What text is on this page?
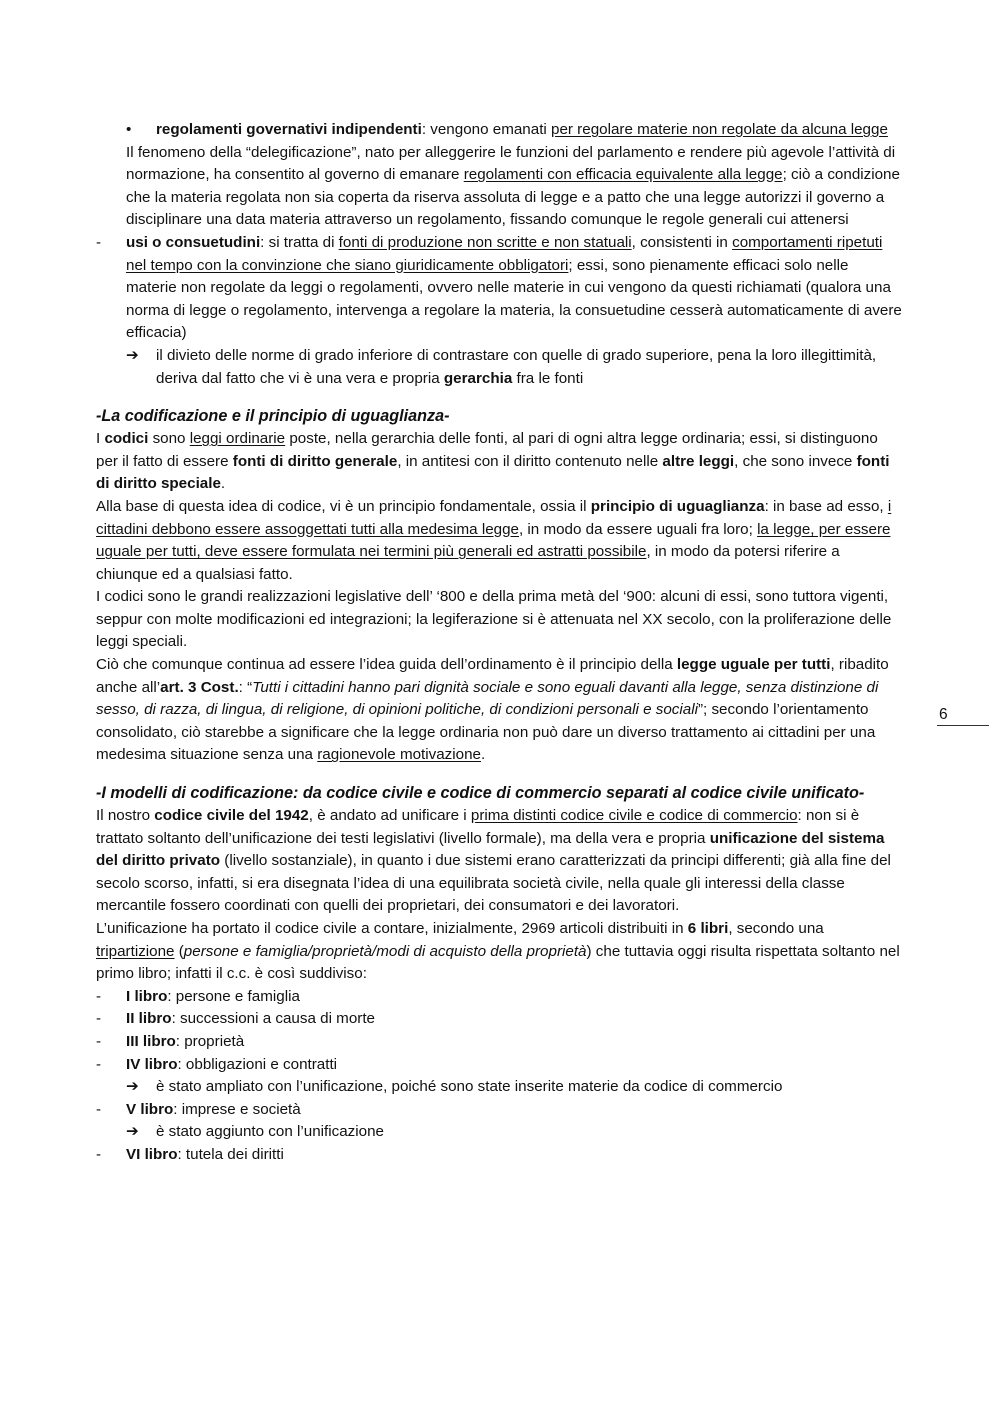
•	regolamenti governativi indipendenti: vengono emanati per regolare materie non regolate da alcuna legge
Il fenomeno della “delegificazione”, nato per alleggerire le funzioni del parlamento e rendere più agevole l’attività di normazione, ha consentito al governo di emanare regolamenti con efficacia equivalente alla legge; ciò a condizione che la materia regolata non sia coperta da riserva assoluta di legge e a patto che una legge autorizzi il governo a disciplinare una data materia attraverso un regolamento, fissando comunque le regole generali cui attenersi
-	usi o consuetudini: si tratta di fonti di produzione non scritte e non statuali, consistenti in comportamenti ripetuti nel tempo con la convinzione che siano giuridicamente obbligatori; essi, sono pienamente efficaci solo nelle materie non regolate da leggi o regolamenti, ovvero nelle materie in cui vengono da questi richiamati (qualora una norma di legge o regolamento, intervenga a regolare la materia, la consuetudine cesserà automaticamente di avere efficacia)
➔	il divieto delle norme di grado inferiore di contrastare con quelle di grado superiore, pena la loro illegittimità, deriva dal fatto che vi è una vera e propria gerarchia fra le fonti
-La codificazione e il principio di uguaglianza-
I codici sono leggi ordinarie poste, nella gerarchia delle fonti, al pari di ogni altra legge ordinaria; essi, si distinguono per il fatto di essere fonti di diritto generale, in antitesi con il diritto contenuto nelle altre leggi, che sono invece fonti di diritto speciale.
Alla base di questa idea di codice, vi è un principio fondamentale, ossia il principio di uguaglianza: in base ad esso, i cittadini debbono essere assoggettati tutti alla medesima legge, in modo da essere uguali fra loro; la legge, per essere uguale per tutti, deve essere formulata nei termini più generali ed astratti possibile, in modo da potersi riferire a chiunque ed a qualsiasi fatto.
I codici sono le grandi realizzazioni legislative dell’ ‘800 e della prima metà del ‘900: alcuni di essi, sono tuttora vigenti, seppur con molte modificazioni ed integrazioni; la legiferazione si è attenuata nel XX secolo, con la proliferazione delle leggi speciali.
Ciò che comunque continua ad essere l’idea guida dell’ordinamento è il principio della legge uguale per tutti, ribadito anche all’art. 3 Cost.: “Tutti i cittadini hanno pari dignità sociale e sono eguali davanti alla legge, senza distinzione di sesso, di razza, di lingua, di religione, di opinioni politiche, di condizioni personali e sociali”; secondo l’orientamento consolidato, ciò starebbe a significare che la legge ordinaria non può dare un diverso trattamento ai cittadini per una medesima situazione senza una ragionevole motivazione.
-I modelli di codificazione: da codice civile e codice di commercio separati al codice civile unificato-
Il nostro codice civile del 1942, è andato ad unificare i prima distinti codice civile e codice di commercio: non si è trattato soltanto dell’unificazione dei testi legislativi (livello formale), ma della vera e propria unificazione del sistema del diritto privato (livello sostanziale), in quanto i due sistemi erano caratterizzati da principi differenti; già alla fine del secolo scorso, infatti, si era disegnata l’idea di una equilibrata società civile, nella quale gli interessi della classe mercantile fossero coordinati con quelli dei proprietari, dei consumatori e dei lavoratori.
L’unificazione ha portato il codice civile a contare, inizialmente, 2969 articoli distribuiti in 6 libri, secondo una tripartizione (persone e famiglia/proprietà/modi di acquisto della proprietà) che tuttavia oggi risulta rispettata soltanto nel primo libro; infatti il c.c. è così suddiviso:
-	I libro: persone e famiglia
-	II libro: successioni a causa di morte
-	III libro: proprietà
-	IV libro: obbligazioni e contratti
➔	è stato ampliato con l’unificazione, poiché sono state inserite materie da codice di commercio
-	V libro: imprese e società
➔	è stato aggiunto con l’unificazione
-	VI libro: tutela dei diritti
6
